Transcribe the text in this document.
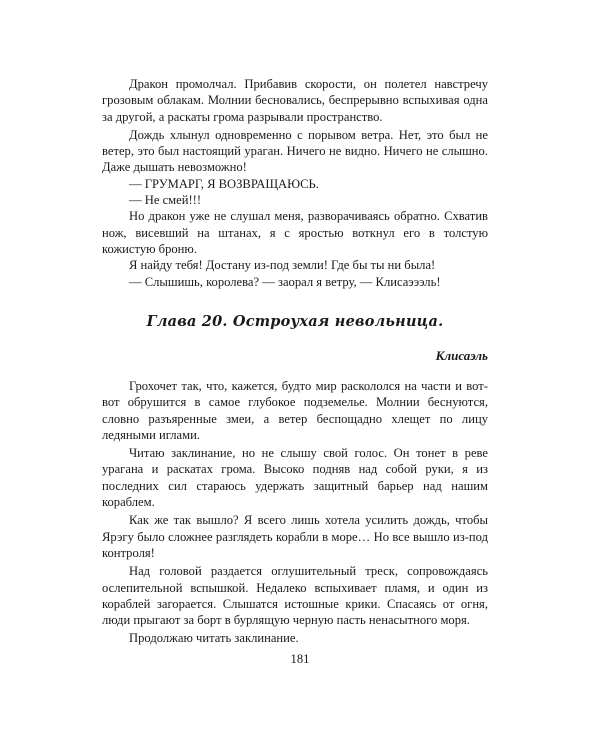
Дракон промолчал. Прибавив скорости, он полетел навстречу грозовым облакам. Молнии бесновались, беспрерывно вспыхивая одна за другой, а раскаты грома разрывали пространство.

Дождь хлынул одновременно с порывом ветра. Нет, это был не ветер, это был настоящий ураган. Ничего не видно. Ничего не слышно. Даже дышать невозможно!

— ГРУМАРГ, Я ВОЗВРАЩАЮСЬ.

— Не смей!!!

Но дракон уже не слушал меня, разворачиваясь обратно. Схватив нож, висевший на штанах, я с яростью воткнул его в толстую кожистую броню.

Я найду тебя! Достану из-под земли! Где бы ты ни была!

— Слышишь, королева? — заорал я ветру, — Клисаэээль!

Глава 20. Остроухая невольница.
Клисаэль

Грохочет так, что, кажется, будто мир раскололся на части и вот-вот обрушится в самое глубокое подземелье. Молнии беснуются, словно разъяренные змеи, а ветер беспощадно хлещет по лицу ледяными иглами.

Читаю заклинание, но не слышу свой голос. Он тонет в реве урагана и раскатах грома. Высоко подняв над собой руки, я из последних сил стараюсь удержать защитный барьер над нашим кораблем.

Как же так вышло? Я всего лишь хотела усилить дождь, чтобы Ярэгу было сложнее разглядеть корабли в море… Но все вышло из-под контроля!

Над головой раздается оглушительный треск, сопровождаясь ослепительной вспышкой. Недалеко вспыхивает пламя, и один из кораблей загорается. Слышатся истошные крики. Спасаясь от огня, люди прыгают за борт в бурлящую черную пасть ненасытного моря.

Продолжаю читать заклинание.

181
